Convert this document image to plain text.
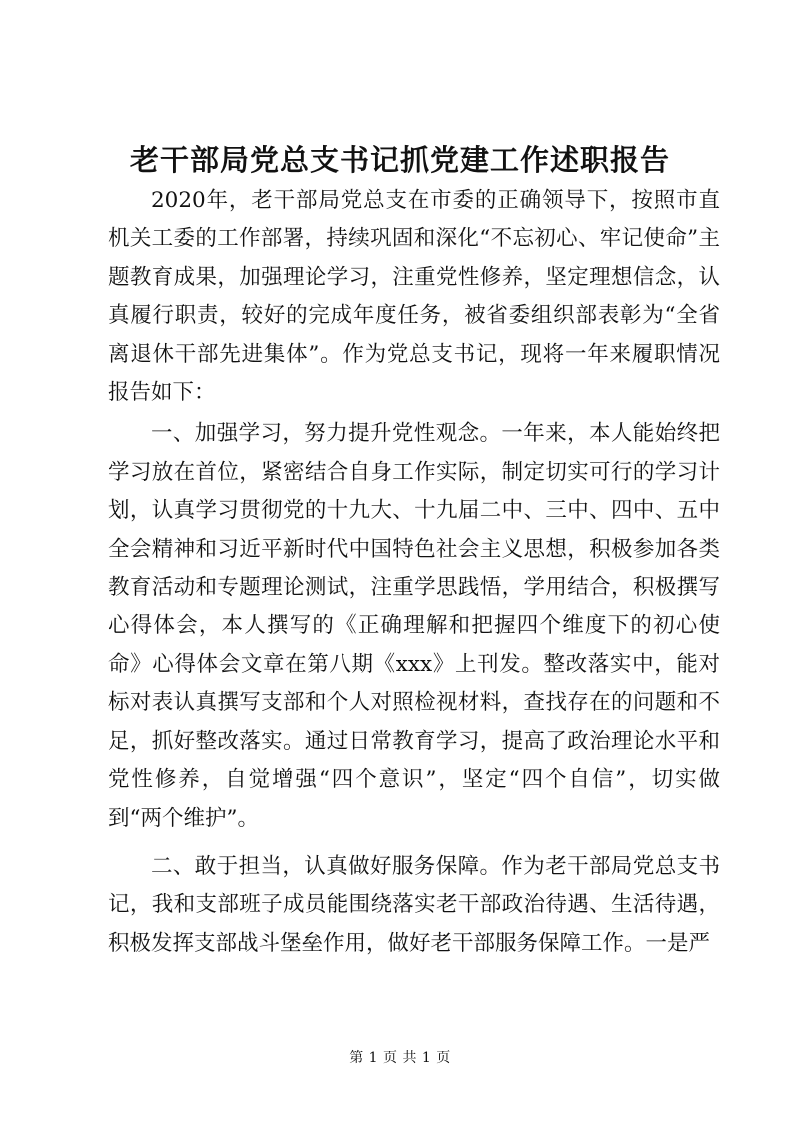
老干部局党总支书记抓党建工作述职报告

2020年，老干部局党总支在市委的正确领导下，按照市直机关工委的工作部署，持续巩固和深化“不忘初心、牢记使命”主题教育成果，加强理论学习，注重党性修养，坚定理想信念，认真履行职责，较好的完成年度任务，被省委组织部表彰为“全省离退休干部先进集体”。作为党总支书记，现将一年来履职情况报告如下：

一、加强学习，努力提升党性观念。一年来，本人能始终把学习放在首位，紧密结合自身工作实际，制定切实可行的学习计划，认真学习贯彻党的十九大、十九届二中、三中、四中、五中全会精神和习近平新时代中国特色社会主义思想，积极参加各类教育活动和专题理论测试，注重学思践悟，学用结合，积极撰写心得体会，本人撰写的《正确理解和把握四个维度下的初心使命》心得体会文章在第八期《xxx》上刊发。整改落实中，能对标对表认真撰写支部和个人对照检视材料，查找存在的问题和不足，抓好整改落实。通过日常教育学习，提高了政治理论水平和党性修养，自觉增强“四个意识”，坚定“四个自信”，切实做到“两个维护”。

二、敢于担当，认真做好服务保障。作为老干部局党总支书记，我和支部班子成员能围绕落实老干部政治待遇、生活待遇，积极发挥支部战斗堡垒作用，做好老干部服务保障工作。一是严

第 1 页 共 1 页
